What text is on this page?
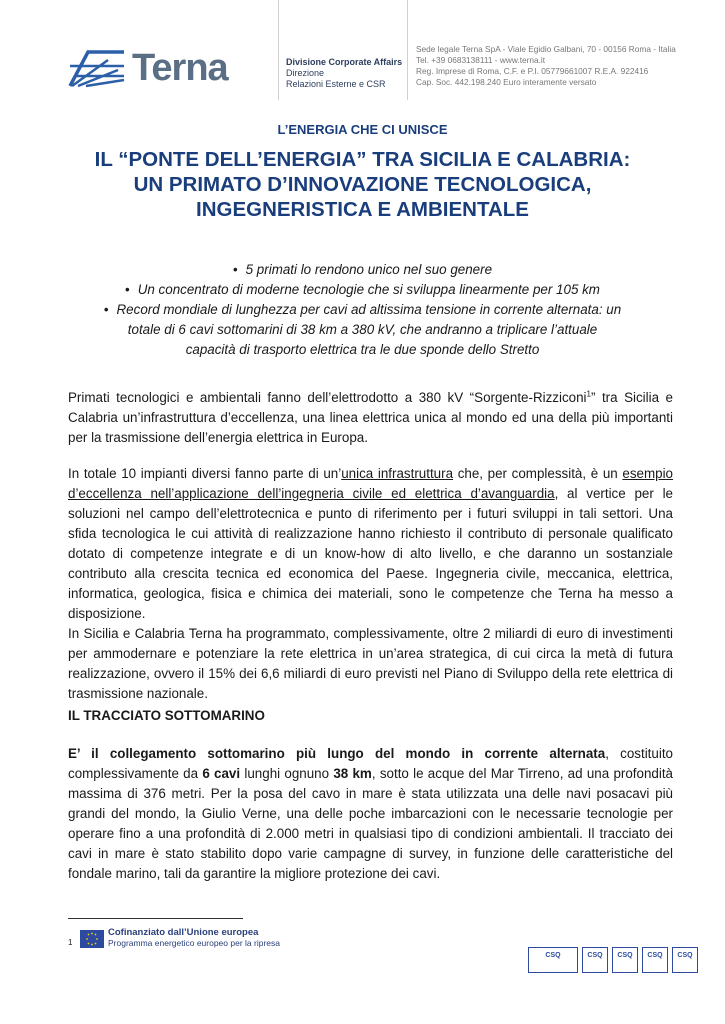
Terna	Divisione Corporate Affairs
Direzione
Relazioni Esterne e CSR
Sede legale Terna SpA - Viale Egidio Galbani, 70 - 00156 Roma - Italia
Tel. +39 0683138111 - www.terna.it
Reg. Imprese di Roma, C.F. e P.I. 05779661007 R.E.A. 922416
Cap. Soc. 442.198.240 Euro interamente versato
L’ENERGIA CHE CI UNISCE
IL “PONTE DELL’ENERGIA” TRA SICILIA E CALABRIA:
UN PRIMATO D’INNOVAZIONE TECNOLOGICA,
INGEGNERISTICA E AMBIENTALE
• 5 primati lo rendono unico nel suo genere
• Un concentrato di moderne tecnologie che si sviluppa linearmente per 105 km
• Record mondiale di lunghezza per cavi ad altissima tensione in corrente alternata: un
totale di 6 cavi sottomarini di 38 km a 380 kV, che andranno a triplicare l’attuale
capacità di trasporto elettrica tra le due sponde dello Stretto

Primati tecnologici e ambientali fanno dell’elettrodotto a 380 kV “Sorgente-Rizziconi$^1$” tra Sicilia e Calabria un’infrastruttura d’eccellenza, una linea elettrica unica al mondo ed una della più importanti per la trasmissione dell’energia elettrica in Europa.

In totale 10 impianti diversi fanno parte di un’unica infrastruttura che, per complessità, è un esempio d’eccellenza nell’applicazione dell’ingegneria civile ed elettrica d’avanguardia, al vertice per le soluzioni nel campo dell’elettrotecnica e punto di riferimento per i futuri sviluppi in tali settori. Una sfida tecnologica le cui attività di realizzazione hanno richiesto il contributo di personale qualificato dotato di competenze integrate e di un know-how di alto livello, e che daranno un sostanziale contributo alla crescita tecnica ed economica del Paese. Ingegneria civile, meccanica, elettrica, informatica, geologica, fisica e chimica dei materiali, sono le competenze che Terna ha messo a disposizione.

In Sicilia e Calabria Terna ha programmato, complessivamente, oltre 2 miliardi di euro di investimenti per ammodernare e potenziare la rete elettrica in un’area strategica, di cui circa la metà di futura realizzazione, ovvero il 15% dei 6,6 miliardi di euro previsti nel Piano di Sviluppo della rete elettrica di trasmissione nazionale.

IL TRACCIATO SOTTOMARINO

E’ il collegamento sottomarino più lungo del mondo in corrente alternata, costituito complessivamente da 6 cavi lunghi ognuno 38 km, sotto le acque del Mar Tirreno, ad una profondità massima di 376 metri. Per la posa del cavo in mare è stata utilizzata una delle navi posacavi più grandi del mondo, la Giulio Verne, una delle poche imbarcazioni con le necessarie tecnologie per operare fino a una profondità di 2.000 metri in qualsiasi tipo di condizioni ambientali. Il tracciato dei cavi in mare è stato stabilito dopo varie campagne di survey, in funzione delle caratteristiche del fondale marino, tali da garantire la migliore protezione dei cavi.

1
Cofinanziato dall’Unione europea
Programma energetico europeo per la ripresa
CSQ	CSQ	CSQ	CSQ	CSQ
